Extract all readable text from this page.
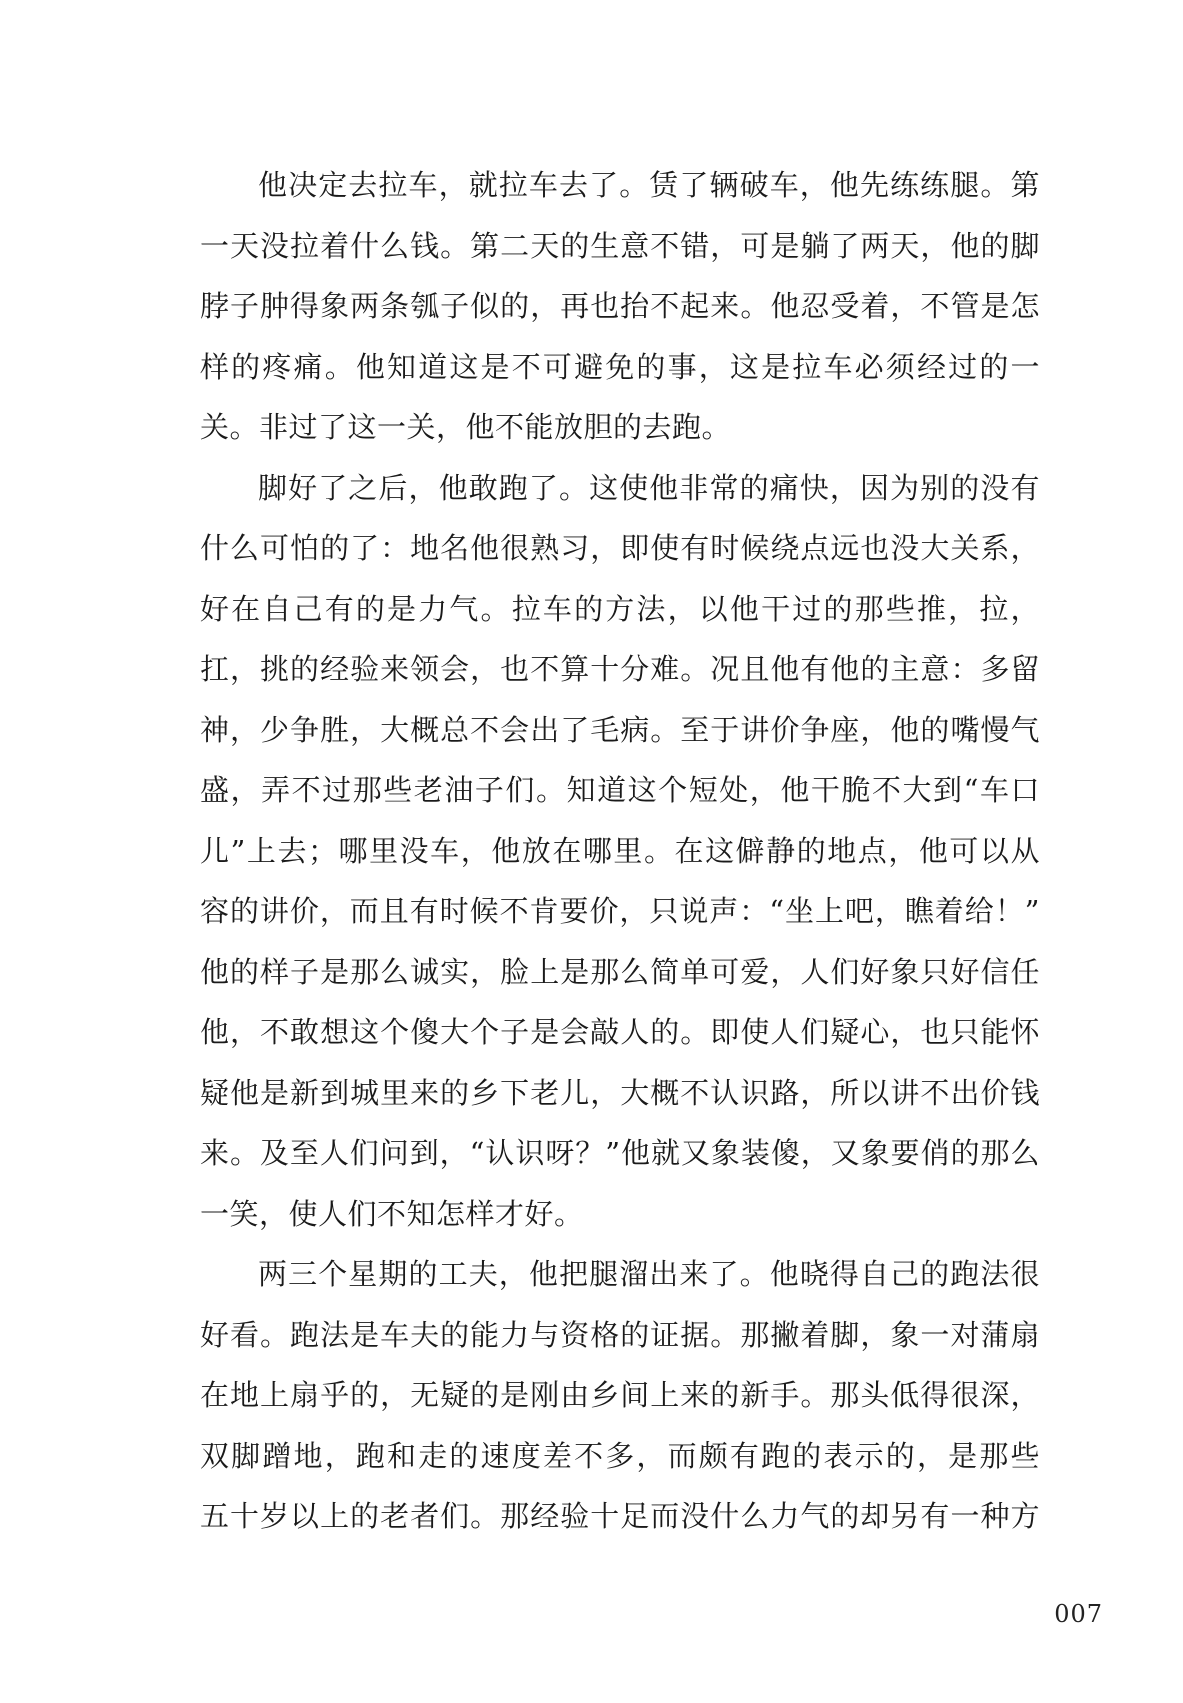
他决定去拉车，就拉车去了。赁了辆破车，他先练练腿。第
一天没拉着什么钱。第二天的生意不错，可是躺了两天，他的脚
脖子肿得象两条瓠子似的，再也抬不起来。他忍受着，不管是怎
样的疼痛。他知道这是不可避免的事，这是拉车必须经过的一
关。非过了这一关，他不能放胆的去跑。
脚好了之后，他敢跑了。这使他非常的痛快，因为别的没有
什么可怕的了：地名他很熟习，即使有时候绕点远也没大关系，
好在自己有的是力气。拉车的方法，以他干过的那些推，拉，
扛，挑的经验来领会，也不算十分难。况且他有他的主意：多留
神，少争胜，大概总不会出了毛病。至于讲价争座，他的嘴慢气
盛，弄不过那些老油子们。知道这个短处，他干脆不大到“车口
儿”上去；哪里没车，他放在哪里。在这僻静的地点，他可以从
容的讲价，而且有时候不肯要价，只说声：“坐上吧，瞧着给！”
他的样子是那么诚实，脸上是那么简单可爱，人们好象只好信任
他，不敢想这个傻大个子是会敲人的。即使人们疑心，也只能怀
疑他是新到城里来的乡下老儿，大概不认识路，所以讲不出价钱
来。及至人们问到，“认识呀？”他就又象装傻，又象要俏的那么
一笑，使人们不知怎样才好。
两三个星期的工夫，他把腿溜出来了。他晓得自己的跑法很
好看。跑法是车夫的能力与资格的证据。那撇着脚，象一对蒲扇
在地上扇乎的，无疑的是刚由乡间上来的新手。那头低得很深，
双脚蹭地，跑和走的速度差不多，而颇有跑的表示的，是那些
五十岁以上的老者们。那经验十足而没什么力气的却另有一种方
007
